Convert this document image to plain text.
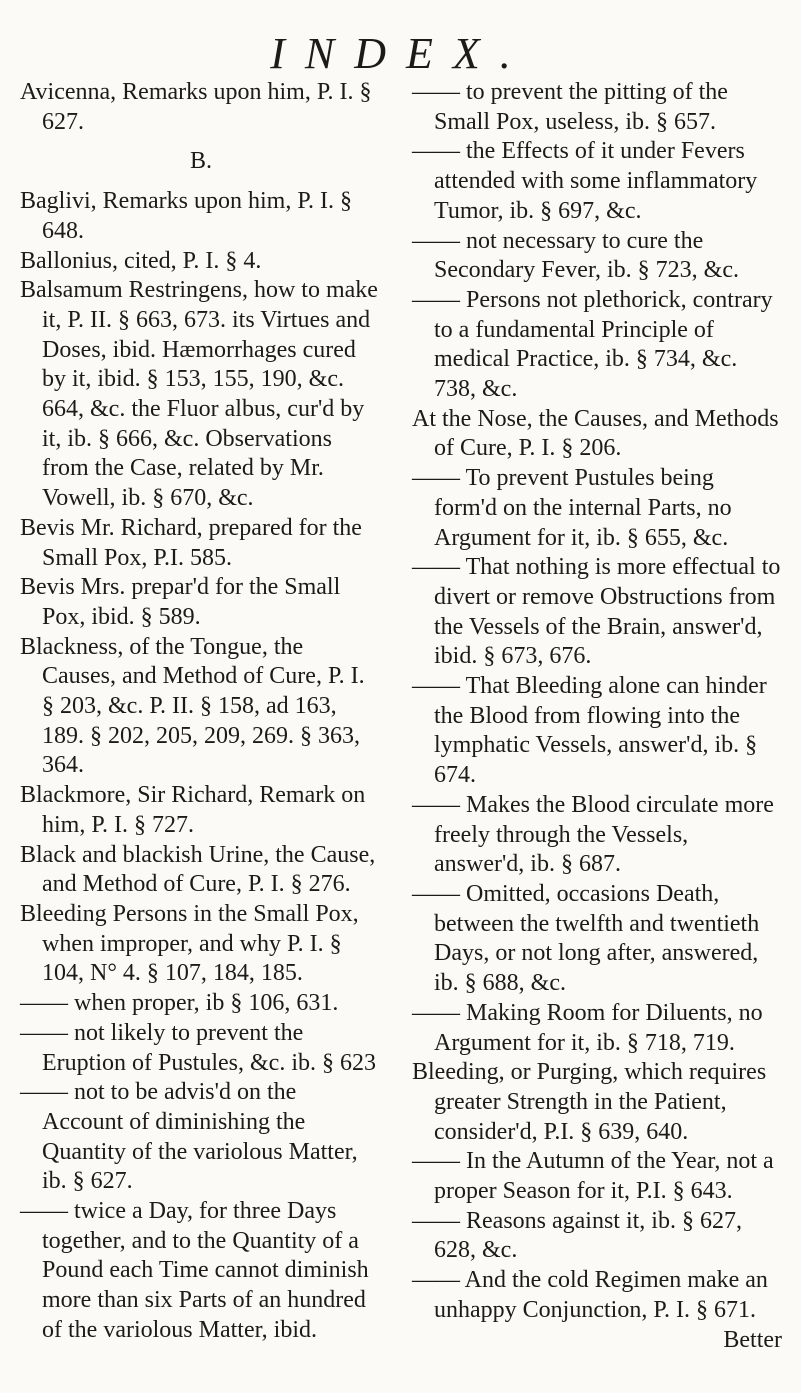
INDEX.

Avicenna, Remarks upon him, P. I. § 627.

B.

Baglivi, Remarks upon him, P. I. § 648.

Ballonius, cited, P. I. § 4.

Balsamum Restringens, how to make it, P. II. § 663, 673. its Virtues and Doses, ibid. Hæmorrhages cured by it, ibid. § 153, 155, 190, &c. 664, &c. the Fluor albus, cur'd by it, ib. § 666, &c. Observations from the Case, related by Mr. Vowell, ib. § 670, &c.

Bevis Mr. Richard, prepared for the Small Pox, P.I. 585.

Bevis Mrs. prepar'd for the Small Pox, ibid. § 589.

Blackness, of the Tongue, the Causes, and Method of Cure, P. I. § 203, &c. P. II. § 158, ad 163, 189. § 202, 205, 209, 269. § 363, 364.

Blackmore, Sir Richard, Remark on him, P. I. § 727.

Black and blackish Urine, the Cause, and Method of Cure, P. I. § 276.

Bleeding Persons in the Small Pox, when improper, and why P. I. § 104, N° 4. § 107, 184, 185.

—— when proper, ib § 106, 631.

—— not likely to prevent the Eruption of Pustules, &c. ib. § 623

—— not to be advis'd on the Account of diminishing the Quantity of the variolous Matter, ib. § 627.

—— twice a Day, for three Days together, and to the Quantity of a Pound each Time cannot diminish more than six Parts of an hundred of the variolous Matter, ibid.

—— to prevent the pitting of the Small Pox, useless, ib. § 657.

—— the Effects of it under Fevers attended with some inflammatory Tumor, ib. § 697, &c.

—— not necessary to cure the Secondary Fever, ib. § 723, &c.

—— Persons not plethorick, contrary to a fundamental Principle of medical Practice, ib. § 734, &c. 738, &c.

At the Nose, the Causes, and Methods of Cure, P. I. § 206.

—— To prevent Pustules being form'd on the internal Parts, no Argument for it, ib. § 655, &c.

—— That nothing is more effectual to divert or remove Obstructions from the Vessels of the Brain, answer'd, ibid. § 673, 676.

—— That Bleeding alone can hinder the Blood from flowing into the lymphatic Vessels, answer'd, ib. § 674.

—— Makes the Blood circulate more freely through the Vessels, answer'd, ib. § 687.

—— Omitted, occasions Death, between the twelfth and twentieth Days, or not long after, answered, ib. § 688, &c.

—— Making Room for Diluents, no Argument for it, ib. § 718, 719.

Bleeding, or Purging, which requires greater Strength in the Patient, consider'd, P.I. § 639, 640.

—— In the Autumn of the Year, not a proper Season for it, P.I. § 643.

—— Reasons against it, ib. § 627, 628, &c.

—— And the cold Regimen make an unhappy Conjunction, P. I. § 671.

Better
